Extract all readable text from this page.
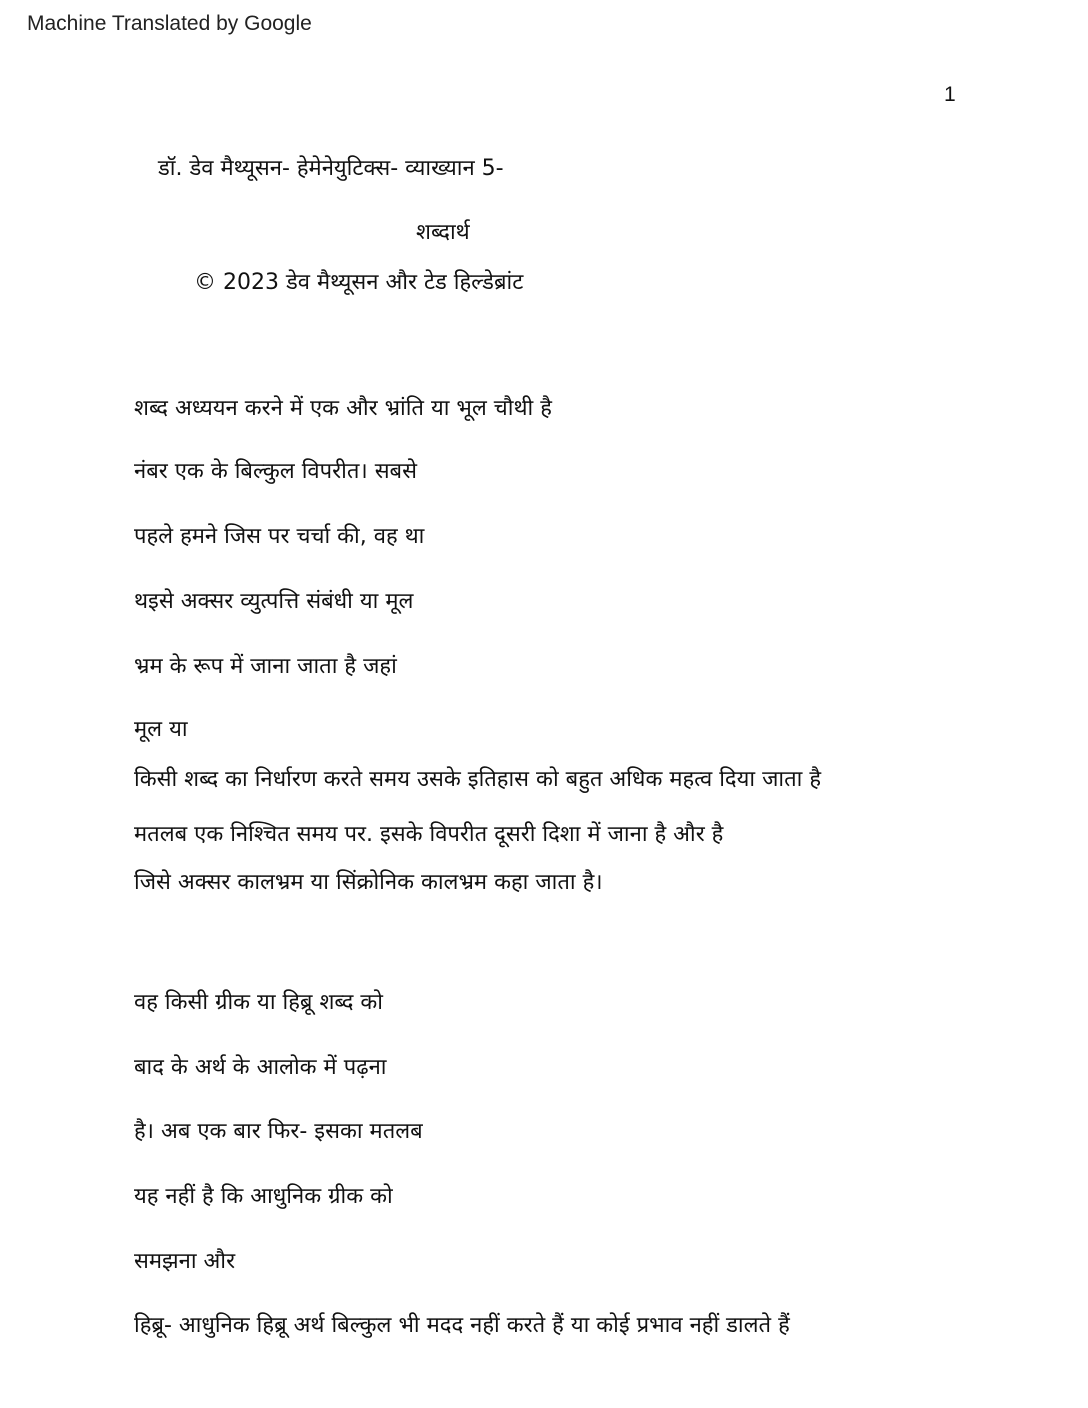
Machine Translated by Google
1
डॉ. डेव मैथ्यूसन- हेमेनेयुटिक्स- व्याख्यान 5-
शब्दार्थ
© 2023 डेव मैथ्यूसन और टेड हिल्डेब्रांट
शब्द अध्ययन करने में एक और भ्रांति या भूल चौथी है
नंबर एक के बिल्कुल विपरीत। सबसे
पहले हमने जिस पर चर्चा की, वह था
थइसे अक्सर व्युत्पत्ति संबंधी या मूल
भ्रम के रूप में जाना जाता है जहां
मूल या
किसी शब्द का निर्धारण करते समय उसके इतिहास को बहुत अधिक महत्व दिया जाता है
मतलब एक निश्चित समय पर. इसके विपरीत दूसरी दिशा में जाना है और है
जिसे अक्सर कालभ्रम या सिंक्रोनिक कालभ्रम कहा जाता है।
वह किसी ग्रीक या हिब्रू शब्द को
बाद के अर्थ के आलोक में पढ़ना
है। अब एक बार फिर- इसका मतलब
यह नहीं है कि आधुनिक ग्रीक को
समझना और
हिब्रू- आधुनिक हिब्रू अर्थ बिल्कुल भी मदद नहीं करते हैं या कोई प्रभाव नहीं डालते हैं
